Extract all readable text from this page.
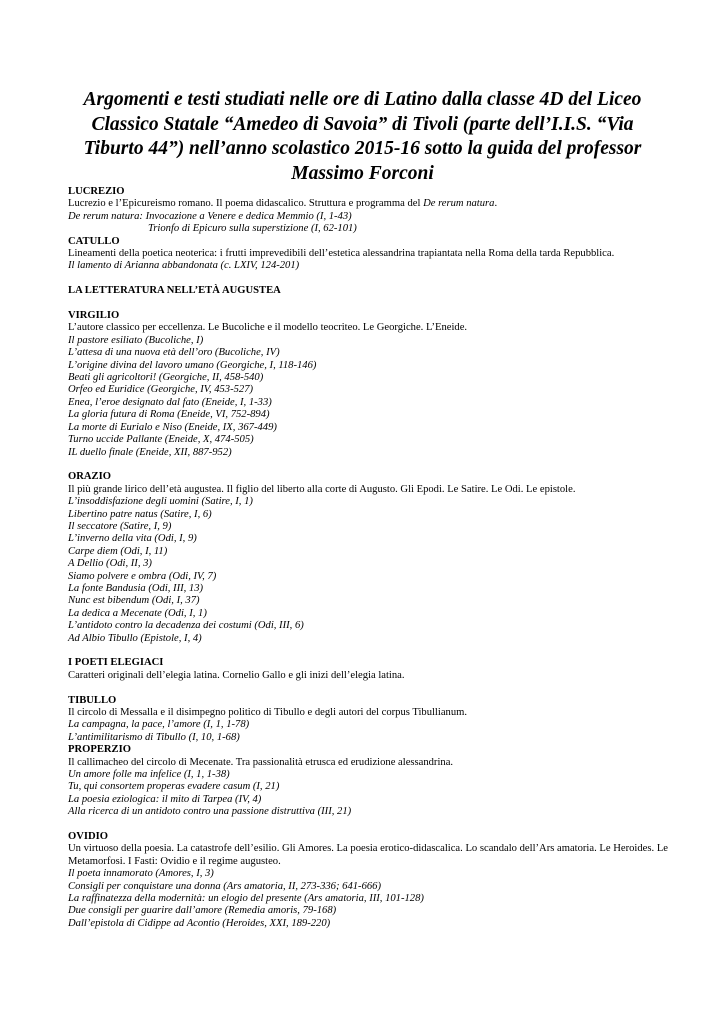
Argomenti e testi studiati nelle ore di Latino dalla classe 4D del Liceo Classico Statale “Amedeo di Savoia” di Tivoli (parte dell’I.I.S. “Via Tiburto 44”) nell’anno scolastico 2015-16 sotto la guida del professor Massimo Forconi

LUCREZIO

Lucrezio e l’Epicureismo romano. Il poema didascalico. Struttura e programma del De rerum natura.

De rerum natura: Invocazione a Venere e dedica Memmio (I, 1-43)

Trionfo di Epicuro sulla superstizione (I, 62-101)

CATULLO

Lineamenti della poetica neoterica: i frutti imprevedibili dell’estetica alessandrina trapiantata nella Roma della tarda Repubblica.

Il lamento di Arianna abbandonata (c. LXIV, 124-201)

LA LETTERATURA NELL’ETÀ AUGUSTEA

VIRGILIO

L’autore classico per eccellenza. Le Bucoliche e il modello teocriteo. Le Georgiche. L’Eneide.

Il pastore esiliato (Bucoliche, I)

L’attesa di una nuova età dell’oro (Bucoliche, IV)

L’origine divina del lavoro umano (Georgiche, I, 118-146)

Beati gli agricoltori! (Georgiche, II, 458-540)

Orfeo ed Euridice (Georgiche, IV, 453-527)

Enea, l’eroe designato dal fato (Eneide, I, 1-33)

La gloria futura di Roma (Eneide, VI, 752-894)

La morte di Eurialo e Niso (Eneide, IX, 367-449)

Turno uccide Pallante (Eneide, X, 474-505)

IL duello finale (Eneide, XII, 887-952)

ORAZIO

Il più grande lirico dell’età augustea. Il figlio del liberto alla corte di Augusto. Gli Epodi. Le Satire. Le Odi. Le epistole.

L’insoddisfazione degli uomini (Satire, I, 1)

Libertino patre natus (Satire, I, 6)

Il seccatore (Satire, I, 9)

L’inverno della vita (Odi, I, 9)

Carpe diem (Odi, I, 11)

A Dellio (Odi, II, 3)

Siamo polvere e ombra (Odi, IV, 7)

La fonte Bandusia (Odi, III, 13)

Nunc est bibendum (Odi, I, 37)

La dedica a Mecenate (Odi, I, 1)

L’antidoto contro la decadenza dei costumi (Odi, III, 6)

Ad Albio Tibullo (Epistole, I, 4)

I POETI ELEGIACI

Caratteri originali dell’elegia latina. Cornelio Gallo e gli inizi dell’elegia latina.

TIBULLO

Il circolo di Messalla e il disimpegno politico di Tibullo e degli autori del corpus Tibullianum.

La campagna, la pace, l’amore (I, 1, 1-78)

L’antimilitarismo di Tibullo (I, 10, 1-68)

PROPERZIO

Il callimacheo del circolo di Mecenate. Tra passionalità etrusca ed erudizione alessandrina.

Un amore folle ma infelice (I, 1, 1-38)

Tu, qui consortem properas evadere casum (I, 21)

La poesia eziologica: il mito di Tarpea (IV, 4)

Alla ricerca di un antidoto contro una passione distruttiva (III, 21)

OVIDIO

Un virtuoso della poesia. La catastrofe dell’esilio. Gli Amores. La poesia erotico-didascalica. Lo scandalo dell’Ars amatoria. Le Heroides. Le Metamorfosi. I Fasti: Ovidio e il regime augusteo.

Il poeta innamorato (Amores, I, 3)

Consigli per conquistare una donna (Ars amatoria, II, 273-336; 641-666)

La raffinatezza della modernità: un elogio del presente (Ars amatoria, III, 101-128)

Due consigli per guarire dall’amore (Remedia amoris, 79-168)

Dall’epistola di Cidippe ad Acontio (Heroides, XXI, 189-220)
